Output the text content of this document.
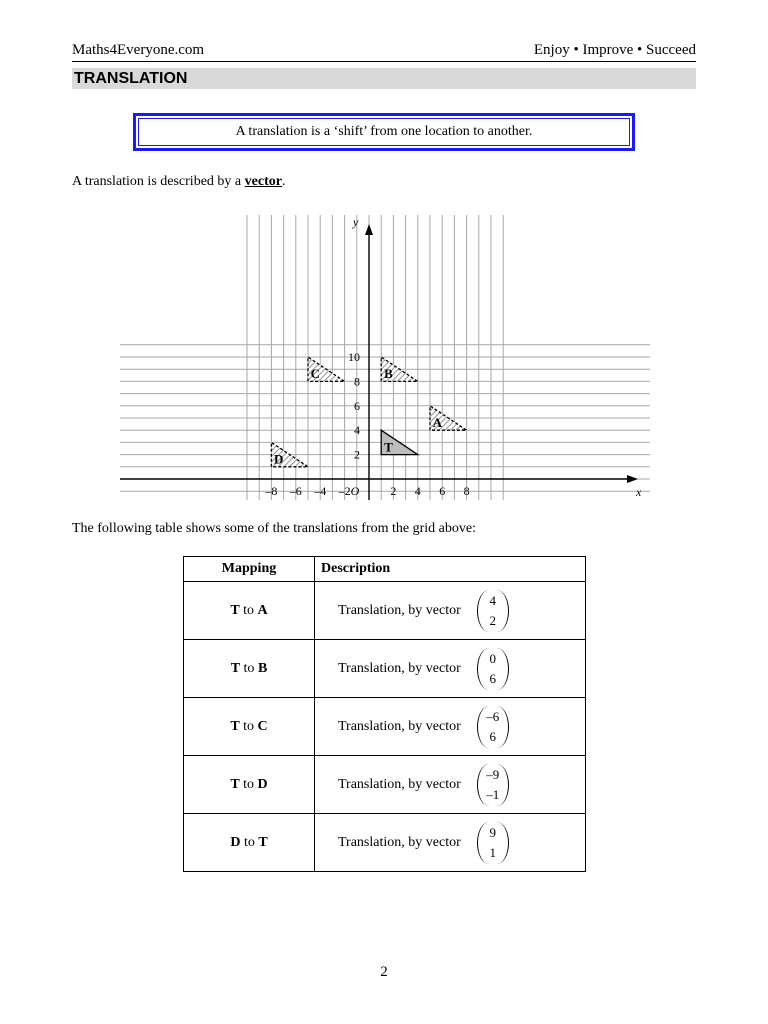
Maths4Everyone.com	Enjoy • Improve • Succeed
TRANSLATION
A translation is a ‘shift’ from one location to another.
A translation is described by a vector.
T
A
B
C
D
–8 –6 –4 –2	2 4 6 8
2
4
6
8
10
O	x
y
The following table shows some of the translations from the grid above:
Mapping	Description
T to A	Translation, by vector
4
2

T to B	Translation, by vector
0
6

T to C	Translation, by vector
–6
6

T to D	Translation, by vector
–9
–1

D to T	Translation, by vector
9
1
2
